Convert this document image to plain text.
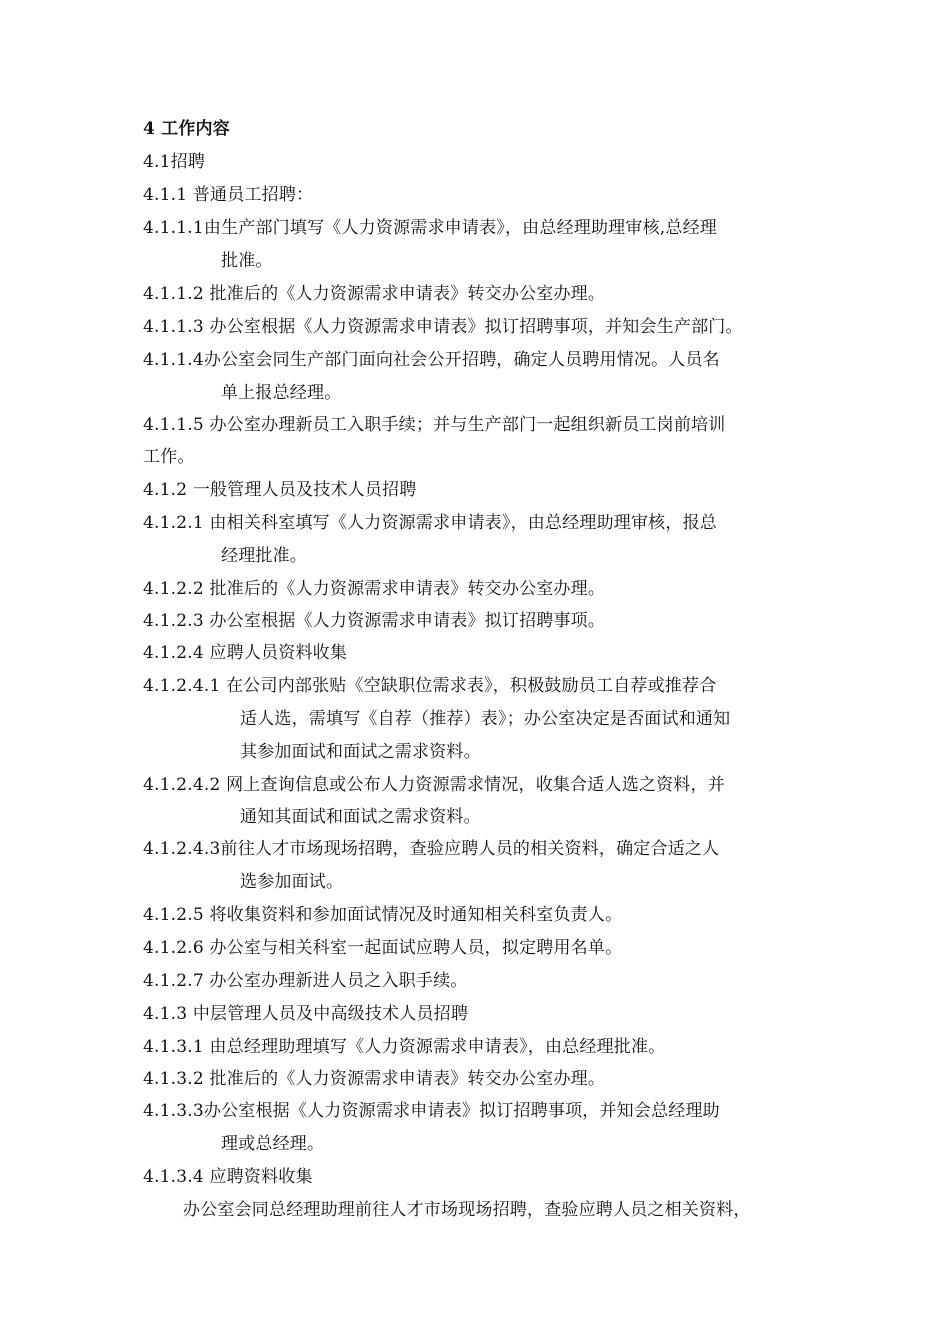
4 工作内容
4.1招聘
4.1.1 普通员工招聘：
4.1.1.1由生产部门填写《人力资源需求申请表》，由总经理助理审核,总经理
批准。
4.1.1.2 批准后的《人力资源需求申请表》转交办公室办理。
4.1.1.3 办公室根据《人力资源需求申请表》拟订招聘事项，并知会生产部门。
4.1.1.4办公室会同生产部门面向社会公开招聘，确定人员聘用情况。人员名
单上报总经理。
4.1.1.5 办公室办理新员工入职手续；并与生产部门一起组织新员工岗前培训
工作。
4.1.2 一般管理人员及技术人员招聘
4.1.2.1 由相关科室填写《人力资源需求申请表》，由总经理助理审核，报总
经理批准。
4.1.2.2 批准后的《人力资源需求申请表》转交办公室办理。
4.1.2.3 办公室根据《人力资源需求申请表》拟订招聘事项。
4.1.2.4 应聘人员资料收集
4.1.2.4.1 在公司内部张贴《空缺职位需求表》，积极鼓励员工自荐或推荐合
适人选，需填写《自荐（推荐）表》；办公室决定是否面试和通知
其参加面试和面试之需求资料。
4.1.2.4.2 网上查询信息或公布人力资源需求情况，收集合适人选之资料，并
通知其面试和面试之需求资料。
4.1.2.4.3前往人才市场现场招聘，查验应聘人员的相关资料，确定合适之人
选参加面试。
4.1.2.5 将收集资料和参加面试情况及时通知相关科室负责人。
4.1.2.6 办公室与相关科室一起面试应聘人员，拟定聘用名单。
4.1.2.7 办公室办理新进人员之入职手续。
4.1.3 中层管理人员及中高级技术人员招聘
4.1.3.1 由总经理助理填写《人力资源需求申请表》，由总经理批准。
4.1.3.2 批准后的《人力资源需求申请表》转交办公室办理。
4.1.3.3办公室根据《人力资源需求申请表》拟订招聘事项，并知会总经理助
理或总经理。
4.1.3.4 应聘资料收集
办公室会同总经理助理前往人才市场现场招聘，查验应聘人员之相关资料，
